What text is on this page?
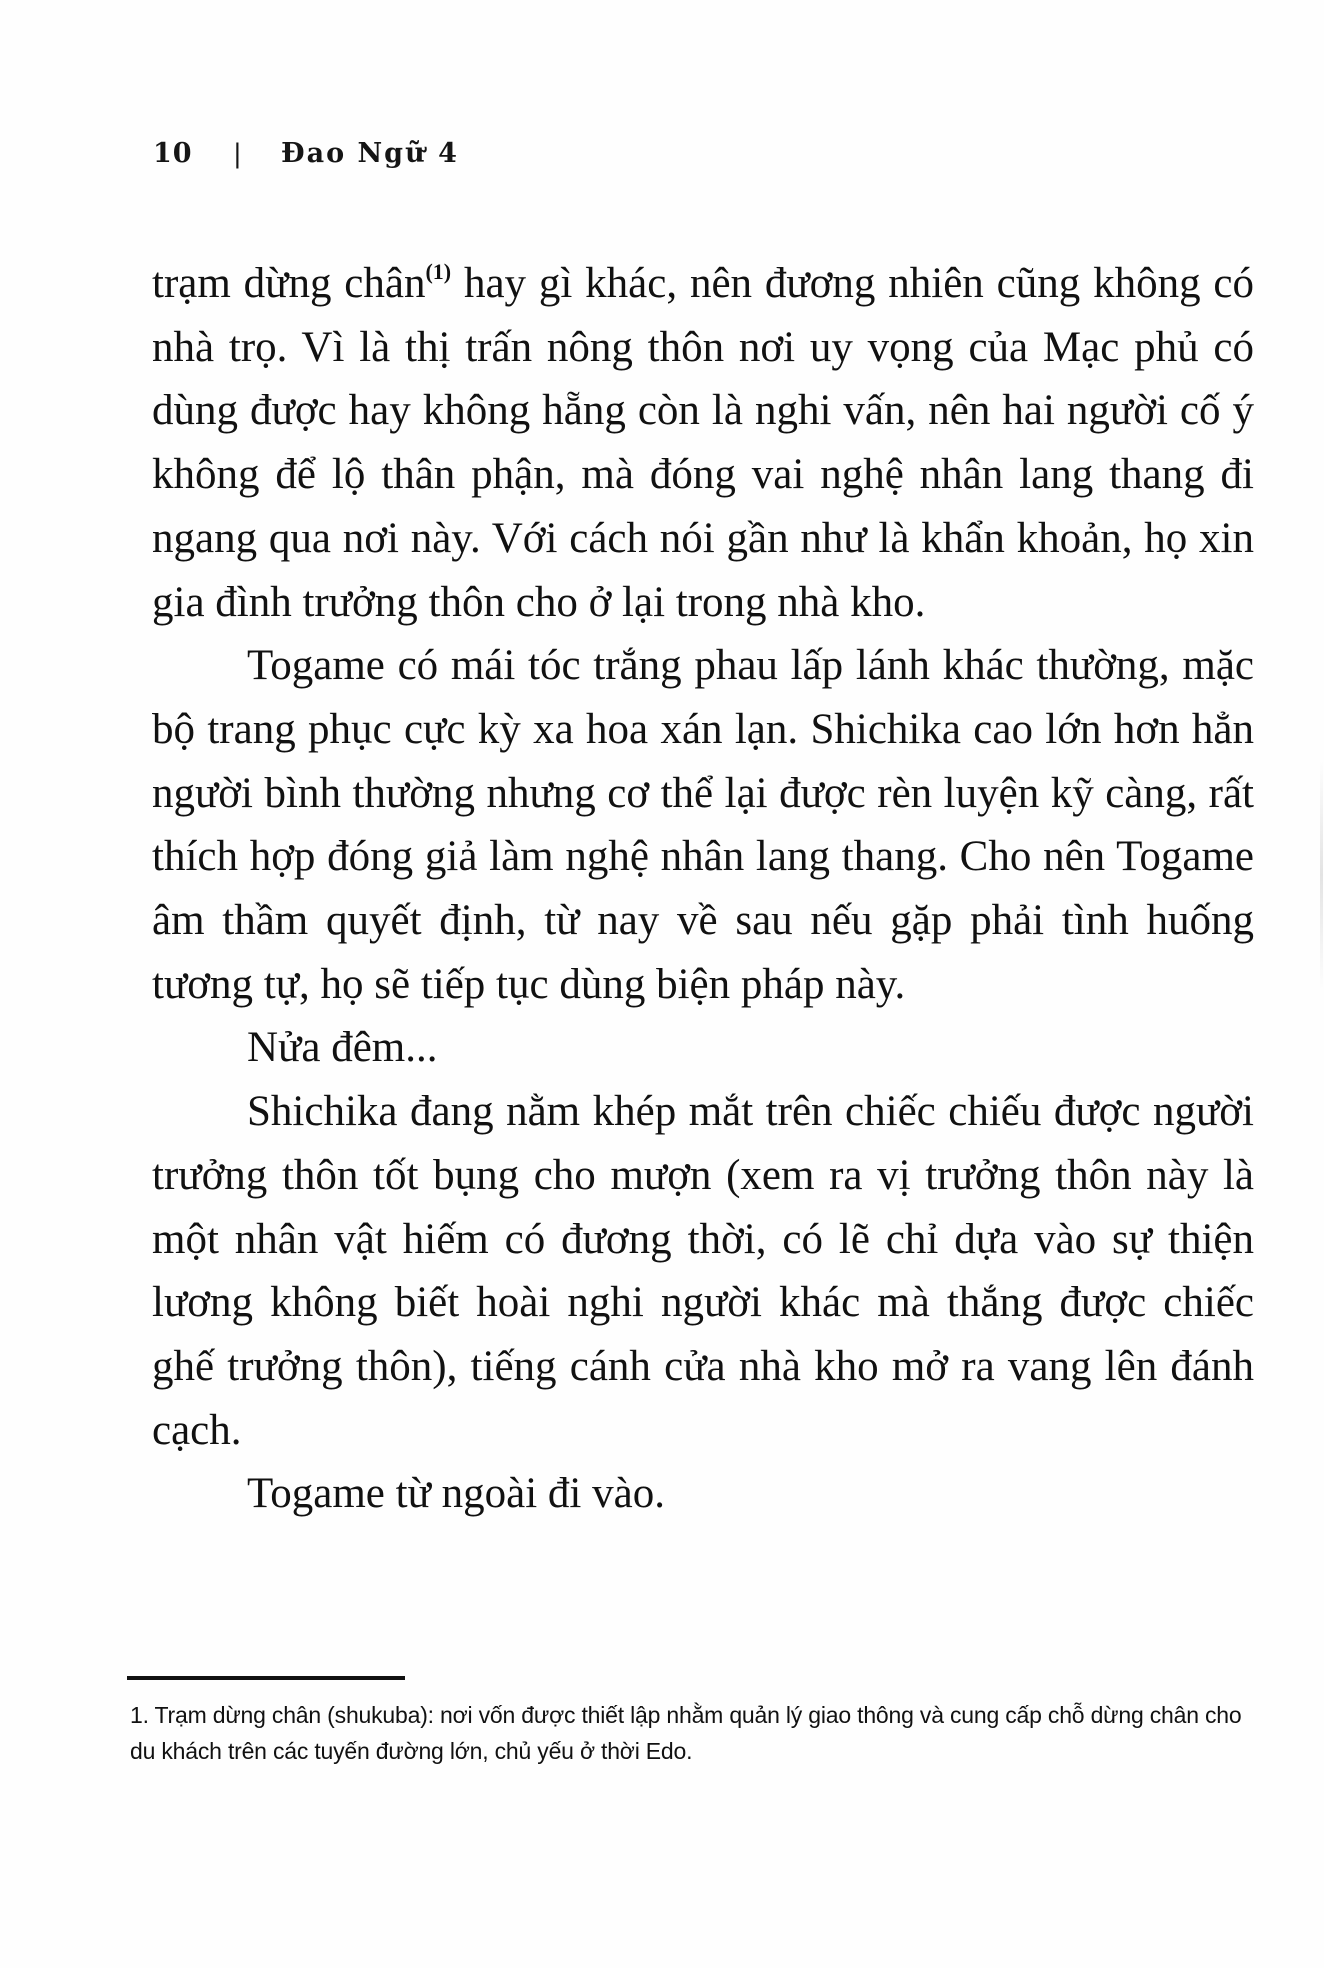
10	|	Đao Ngữ 4

trạm dừng chân$^{(1)}$ hay gì khác, nên đương nhiên cũng không có nhà trọ. Vì là thị trấn nông thôn nơi uy vọng của Mạc phủ có dùng được hay không hẵng còn là nghi vấn, nên hai người cố ý không để lộ thân phận, mà đóng vai nghệ nhân lang thang đi ngang qua nơi này. Với cách nói gần như là khẩn khoản, họ xin gia đình trưởng thôn cho ở lại trong nhà kho.

Togame có mái tóc trắng phau lấp lánh khác thường, mặc bộ trang phục cực kỳ xa hoa xán lạn. Shichika cao lớn hơn hẳn người bình thường nhưng cơ thể lại được rèn luyện kỹ càng, rất thích hợp đóng giả làm nghệ nhân lang thang. Cho nên Togame âm thầm quyết định, từ nay về sau nếu gặp phải tình huống tương tự, họ sẽ tiếp tục dùng biện pháp này.

Nửa đêm...

Shichika đang nằm khép mắt trên chiếc chiếu được người trưởng thôn tốt bụng cho mượn (xem ra vị trưởng thôn này là một nhân vật hiếm có đương thời, có lẽ chỉ dựa vào sự thiện lương không biết hoài nghi người khác mà thắng được chiếc ghế trưởng thôn), tiếng cánh cửa nhà kho mở ra vang lên đánh cạch.

Togame từ ngoài đi vào.

1. Trạm dừng chân (shukuba): nơi vốn được thiết lập nhằm quản lý giao thông và cung cấp chỗ dừng chân cho du khách trên các tuyến đường lớn, chủ yếu ở thời Edo.
